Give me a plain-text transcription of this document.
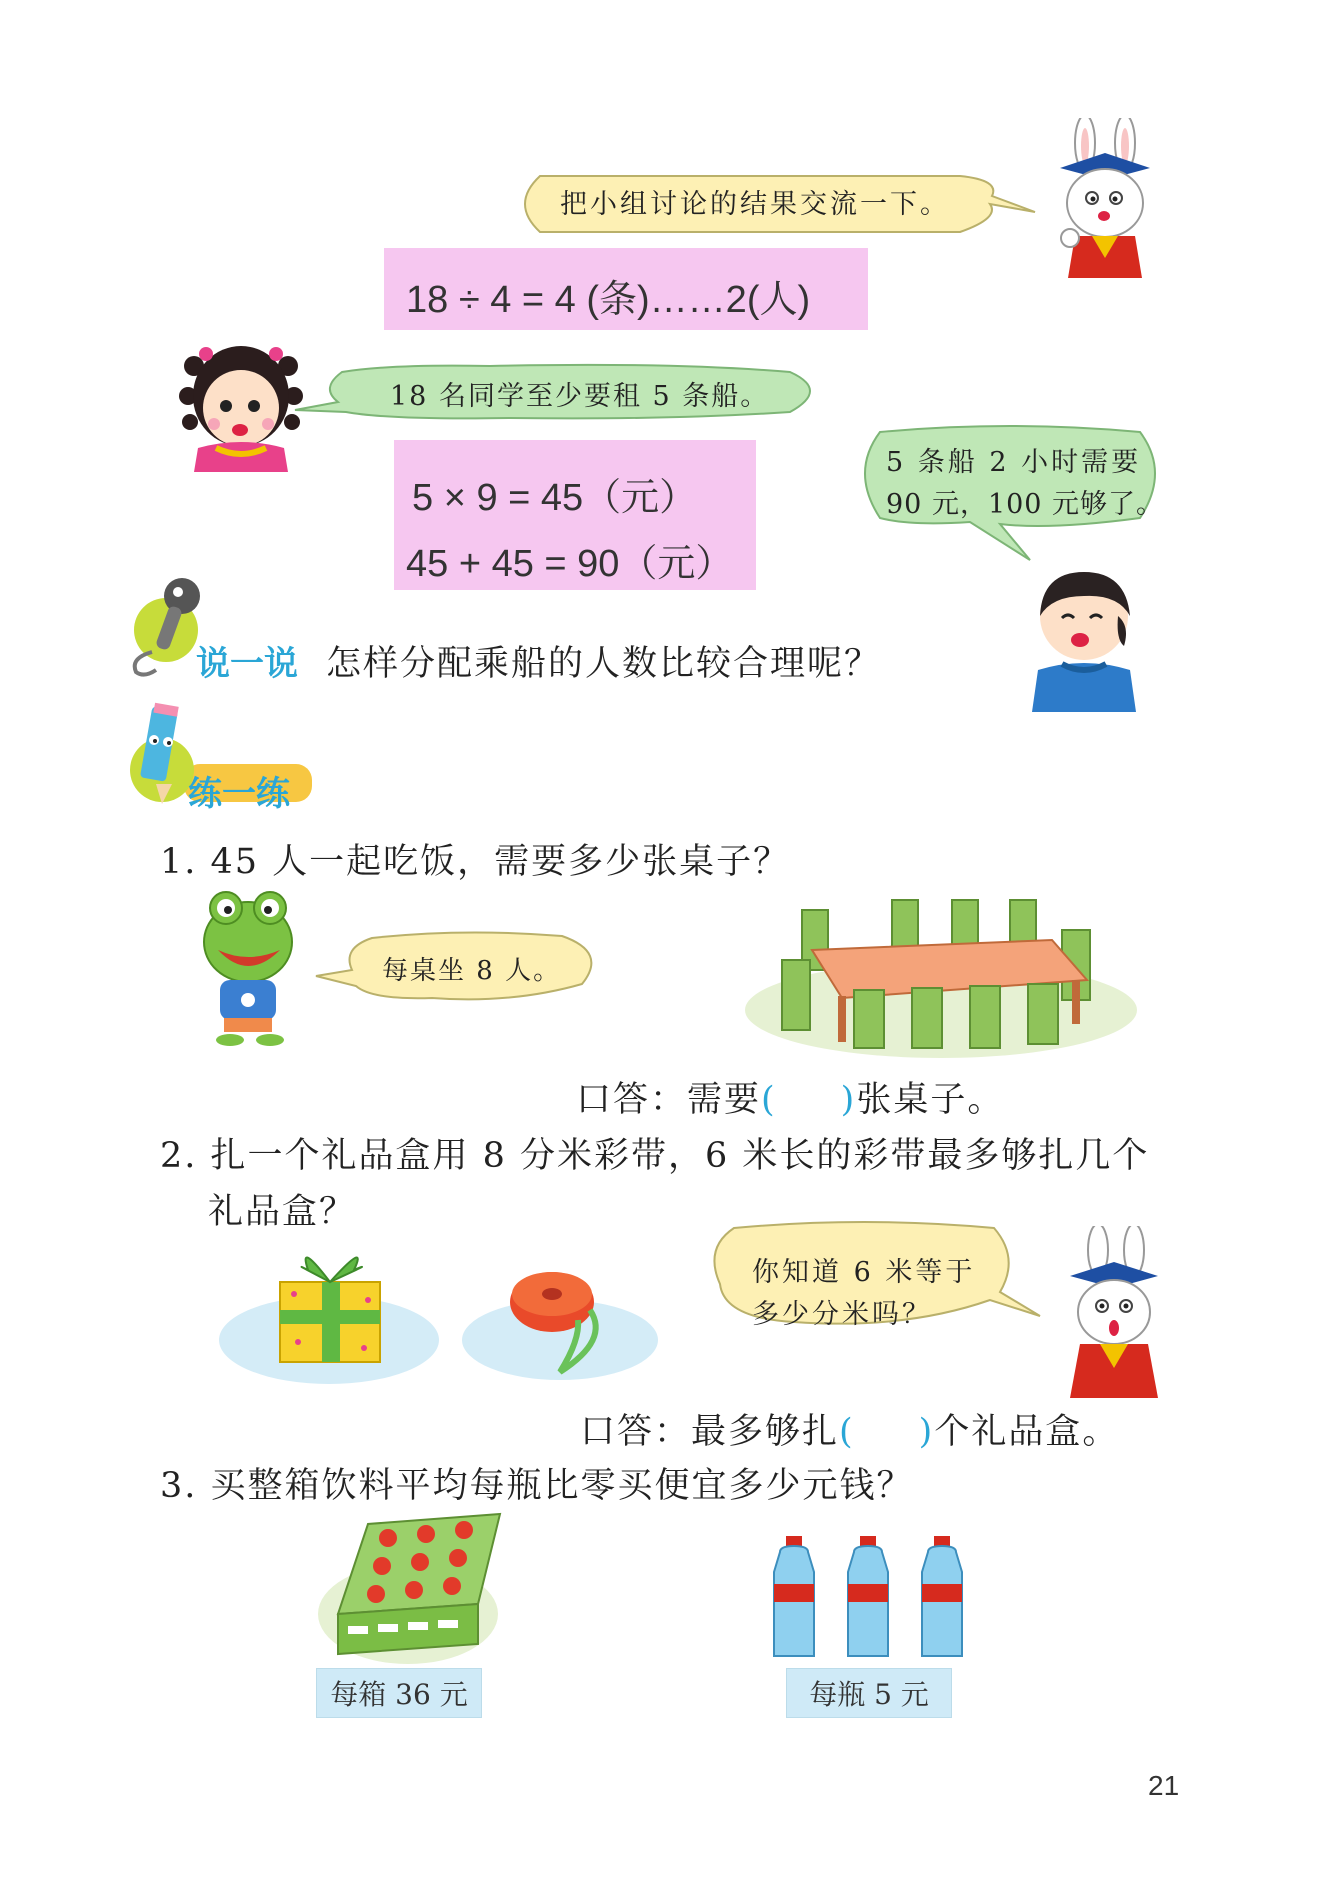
把小组讨论的结果交流一下。
18 ÷ 4 = 4 (条)……2(人)
18 名同学至少要租 5 条船。
5 × 9 = 45（元）
45 + 45 = 90（元）
5 条船 2 小时需要
90 元，100 元够了。
说一说 怎样分配乘船的人数比较合理呢？
练一练
1. 45 人一起吃饭，需要多少张桌子？
每桌坐 8 人。
口答：需要( )张桌子。
2. 扎一个礼品盒用 8 分米彩带，6 米长的彩带最多够扎几个
礼品盒？
你知道 6 米等于
多少分米吗？
口答：最多够扎( )个礼品盒。
3. 买整箱饮料平均每瓶比零买便宜多少元钱？
每箱 36 元	每瓶 5 元
21
